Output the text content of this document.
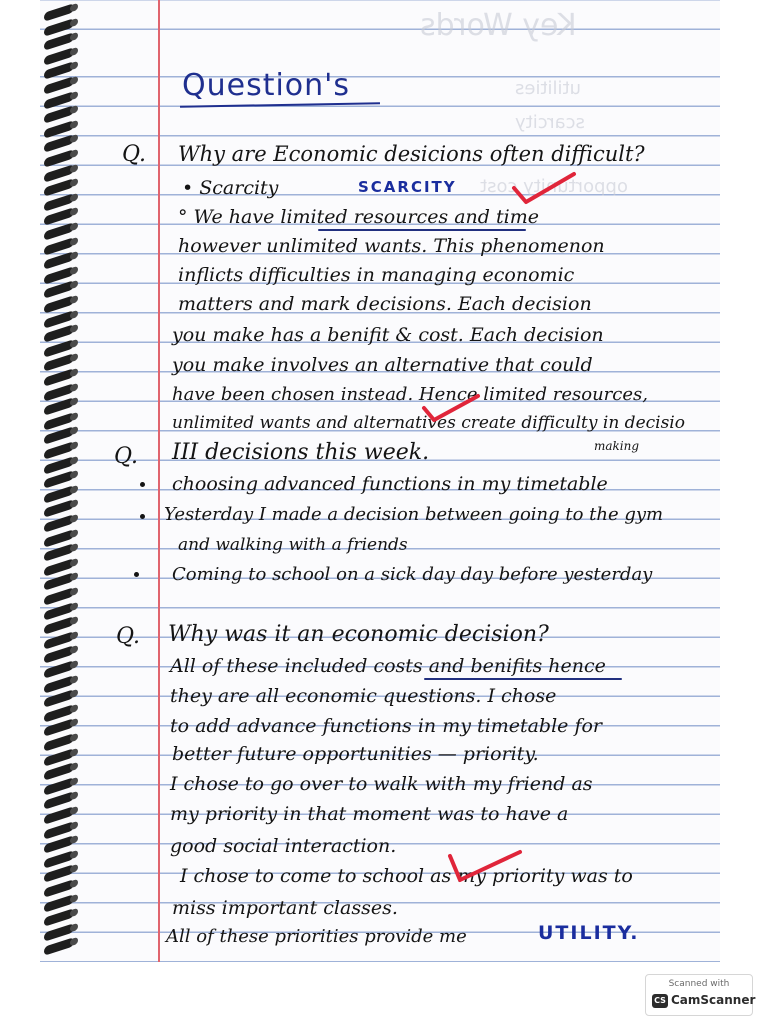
Key Words
utilities
scarcity
opportunity cost
Question's
Q. Why are Economic desicions often difficult?
• Scarcity	SCARCITY
° We have limited resources and time
however unlimited wants. This phenomenon
inflicts difficulties in managing economic
matters and mark decisions. Each decision
you make has a benifit & cost. Each decision
you make involves an alternative that could
have been chosen instead. Hence limited resources,
unlimited wants and alternatives create difficulty in decisio
Q. III decisions this week.	making
choosing advanced functions in my timetable
Yesterday I made a decision between going to the gym
and walking with a friends
Coming to school on a sick day day before yesterday
Q. Why was it an economic decision?
All of these included costs and benifits hence
they are all economic questions. I chose
to add advance functions in my timetable for
better future opportunities — priority.
I chose to go over to walk with my friend as
my priority in that moment was to have a
good social interaction.
I chose to come to school as my priority was to
miss important classes.
All of these priorities provide me	UTILITY.
Scanned with
CS CamScanner
